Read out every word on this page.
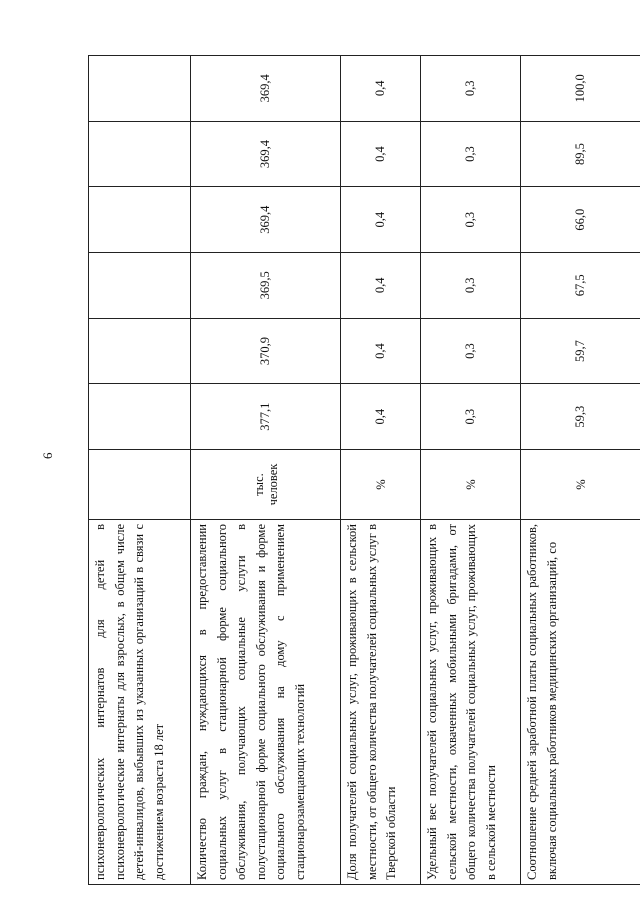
6
психоневрологических интернатов для детей в психоневрологические интернаты для взрослых, в общем числе детей-инвалидов, выбывших из указанных организаций в связи с достижением возраста 18 лет							
Количество граждан, нуждающихся в предоставлении социальных услуг в стационарной форме социального обслуживания, получающих социальные услуги в полустационарной форме социального обслуживания и форме социального обслуживания на дому с применением стационарозамещающих технологий	тыс. человек	377,1	370,9	369,5	369,4	369,4	369,4
Доля получателей социальных услуг, проживающих в сельской местности, от общего количества получателей социальных услуг в Тверской области	%	0,4	0,4	0,4	0,4	0,4	0,4
Удельный вес получателей социальных услуг, проживающих в сельской местности, охваченных мобильными бригадами, от общего количества получателей социальных услуг, проживающих в сельской местности	%	0,3	0,3	0,3	0,3	0,3	0,3
Соотношение средней заработной платы социальных работников, включая социальных работников медицинских организаций, со	%	59,3	59,7	67,5	66,0	89,5	100,0
